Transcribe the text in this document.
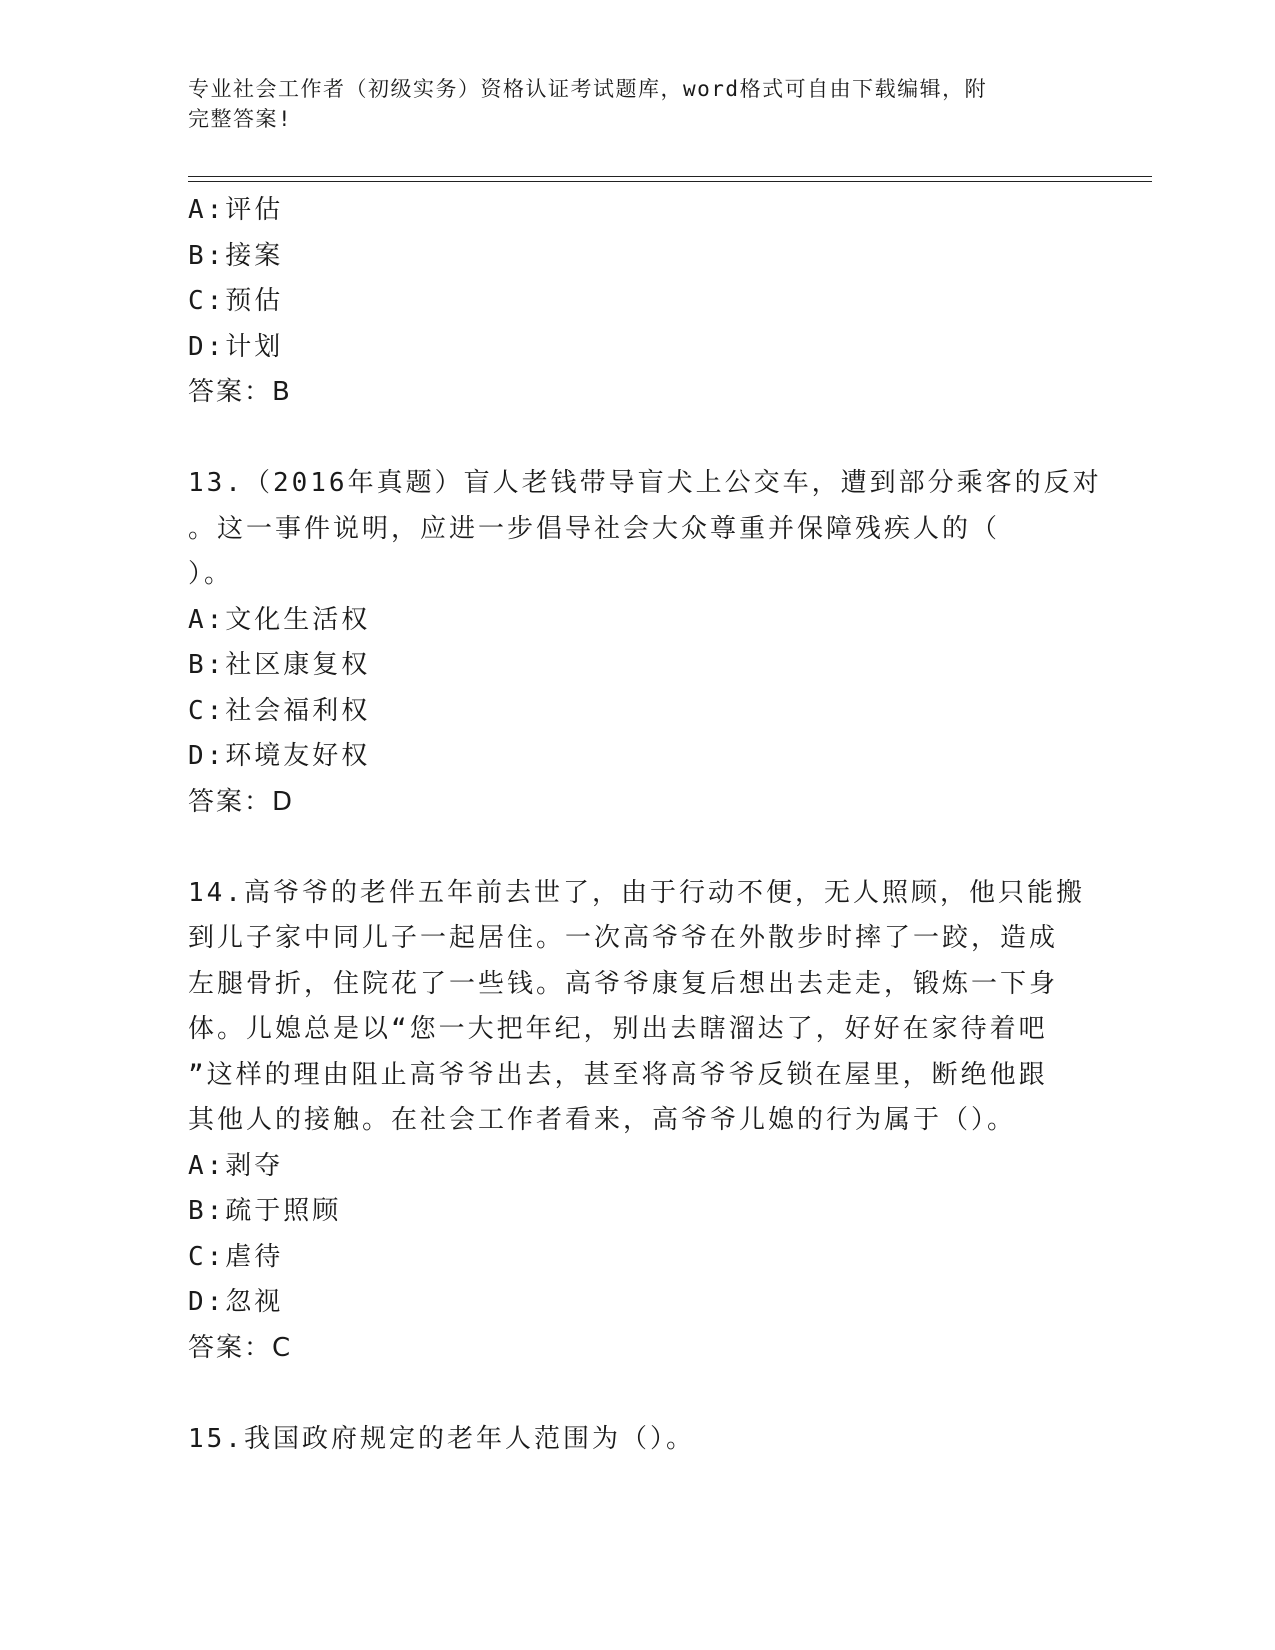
专业社会工作者（初级实务）资格认证考试题库，word格式可自由下载编辑，附
完整答案!
A:评估
B:接案
C:预估
D:计划
答案：B
13.（2016年真题）盲人老钱带导盲犬上公交车，遭到部分乘客的反对
。这一事件说明，应进一步倡导社会大众尊重并保障残疾人的（
）。
A:文化生活权
B:社区康复权
C:社会福利权
D:环境友好权
答案：D
14.高爷爷的老伴五年前去世了，由于行动不便，无人照顾，他只能搬
到儿子家中同儿子一起居住。一次高爷爷在外散步时摔了一跤，造成
左腿骨折，住院花了一些钱。高爷爷康复后想出去走走，锻炼一下身
体。儿媳总是以“您一大把年纪，别出去瞎溜达了，好好在家待着吧
”这样的理由阻止高爷爷出去，甚至将高爷爷反锁在屋里，断绝他跟
其他人的接触。在社会工作者看来，高爷爷儿媳的行为属于（）。
A:剥夺
B:疏于照顾
C:虐待
D:忽视
答案：C
15.我国政府规定的老年人范围为（）。
